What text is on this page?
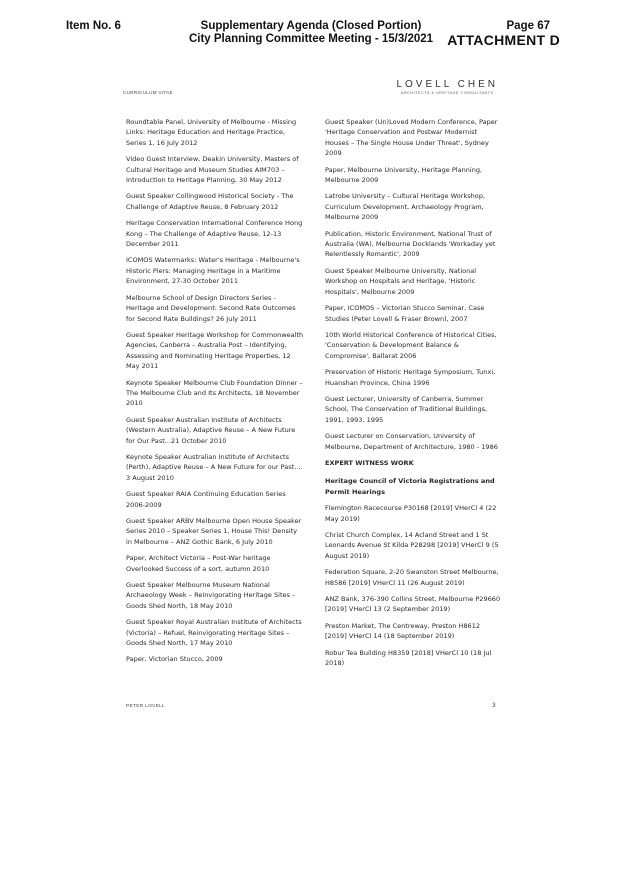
Item No. 6	Supplementary Agenda (Closed Portion)
City Planning Committee Meeting - 15/3/2021
Page 67
ATTACHMENT D
CURRICULUM VITAE
LOVELL CHEN
ARCHITECTS & HERITAGE CONSULTANTS
Roundtable Panel, University of Melbourne - Missing Links: Heritage Education and Heritage Practice, Series 1, 16 July 2012
Video Guest Interview, Deakin University, Masters of Cultural Heritage and Museum Studies AIM703 – Introduction to Heritage Planning, 30 May 2012
Guest Speaker Collingwood Historical Society - The Challenge of Adaptive Reuse, 8 February 2012
Heritage Conservation International Conference Hong Kong – The Challenge of Adaptive Reuse, 12-13 December 2011
ICOMOS Watermarks: Water's Heritage - Melbourne's Historic Piers: Managing Heritage in a Maritime Environment, 27-30 October 2011
Melbourne School of Design Directors Series - Heritage and Development: Second Rate Outcomes for Second Rate Buildings? 26 July 2011
Guest Speaker Heritage Workshop for Commonwealth Agencies, Canberra – Australia Post – Identifying, Assessing and Nominating Heritage Properties, 12 May 2011
Keynote Speaker Melbourne Club Foundation Dinner – The Melbourne Club and Its Architects, 18 November 2010
Guest Speaker Australian Institute of Architects (Western Australia), Adaptive Reuse – A New Future for Our Past...21 October 2010
Keynote Speaker Australian Institute of Architects (Perth), Adaptive Reuse – A New Future for our Past.... 3 August 2010
Guest Speaker RAIA Continuing Education Series 2006-2009
Guest Speaker ARBV Melbourne Open House Speaker Series 2010 – Speaker Series 1, House This! Density in Melbourne – ANZ Gothic Bank, 6 July 2010
Paper, Architect Victoria – Post-War heritage Overlooked Success of a sort, autumn 2010
Guest Speaker Melbourne Museum National Archaeology Week – Reinvigorating Heritage Sites – Goods Shed North, 18 May 2010
Guest Speaker Royal Australian Institute of Architects (Victoria) – Refuel, Reinvigorating Heritage Sites – Goods Shed North, 17 May 2010
Paper, Victorian Stucco, 2009
Guest Speaker (Un)Loved Modern Conference, Paper 'Heritage Conservation and Postwar Modernist Houses – The Single House Under Threat', Sydney 2009
Paper, Melbourne University, Heritage Planning, Melbourne 2009
Latrobe University – Cultural Heritage Workshop, Curriculum Development, Archaeology Program, Melbourne 2009
Publication, Historic Environment, National Trust of Australia (WA), Melbourne Docklands 'Workaday yet Relentlessly Romantic', 2009
Guest Speaker Melbourne University, National Workshop on Hospitals and Heritage, 'Historic Hospitals', Melbourne 2009
Paper, ICOMOS – Victorian Stucco Seminar, Case Studies (Peter Lovell & Fraser Brown), 2007
10th World Historical Conference of Historical Cities, 'Conservation & Development Balance & Compromise', Ballarat 2006
Preservation of Historic Heritage Symposium, Tunxi, Huanshan Province, China 1996
Guest Lecturer, University of Canberra, Summer School, The Conservation of Traditional Buildings, 1991, 1993, 1995
Guest Lecturer on Conservation, University of Melbourne, Department of Architecture, 1980 - 1986
EXPERT WITNESS WORK
Heritage Council of Victoria Registrations and Permit Hearings
Flemington Racecourse P30168 [2019] VHerCl 4 (22 May 2019)
Christ Church Complex, 14 Acland Street and 1 St Leonards Avenue St Kilda P28298 [2019] VHerCl 9 (5 August 2019)
Federation Square, 2-20 Swanston Street Melbourne, H8586 [2019] VHerCl 11 (26 August 2019)
ANZ Bank, 376-390 Collins Street, Melbourne P29660 [2019] VHerCl 13 (2 September 2019)
Preston Market, The Centreway, Preston H8612 [2019] VHerCl 14 (18 September 2019)
Robur Tea Building H8359 [2018] VHerCl 10 (18 Jul 2018)
PETER LOVELL	3
